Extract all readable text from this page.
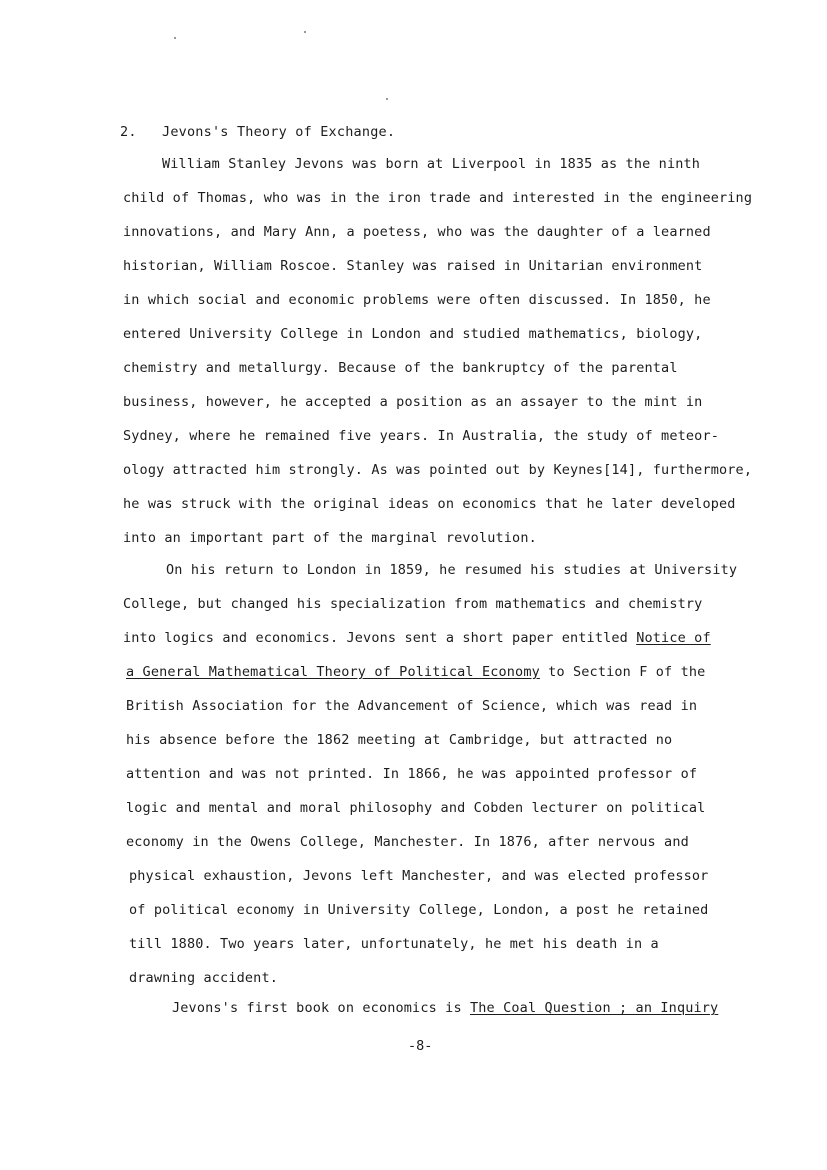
2. Jevons's Theory of Exchange.
William Stanley Jevons was born at Liverpool in 1835 as the ninth
child of Thomas, who was in the iron trade and interested in the engineering
innovations, and Mary Ann, a poetess, who was the daughter of a learned
historian, William Roscoe. Stanley was raised in Unitarian environment
in which social and economic problems were often discussed. In 1850, he
entered University College in London and studied mathematics, biology,
chemistry and metallurgy. Because of the bankruptcy of the parental
business, however, he accepted a position as an assayer to the mint in
Sydney, where he remained five years. In Australia, the study of meteor-
ology attracted him strongly. As was pointed out by Keynes[14], furthermore,
he was struck with the original ideas on economics that he later developed
into an important part of the marginal revolution.
On his return to London in 1859, he resumed his studies at University
College, but changed his specialization from mathematics and chemistry
into logics and economics. Jevons sent a short paper entitled Notice of
a General Mathematical Theory of Political Economy to Section F of the
British Association for the Advancement of Science, which was read in
his absence before the 1862 meeting at Cambridge, but attracted no
attention and was not printed. In 1866, he was appointed professor of
logic and mental and moral philosophy and Cobden lecturer on political
economy in the Owens College, Manchester. In 1876, after nervous and
physical exhaustion, Jevons left Manchester, and was elected professor
of political economy in University College, London, a post he retained
till 1880. Two years later, unfortunately, he met his death in a
drawning accident.
Jevons's first book on economics is The Coal Question ; an Inquiry
-8-
